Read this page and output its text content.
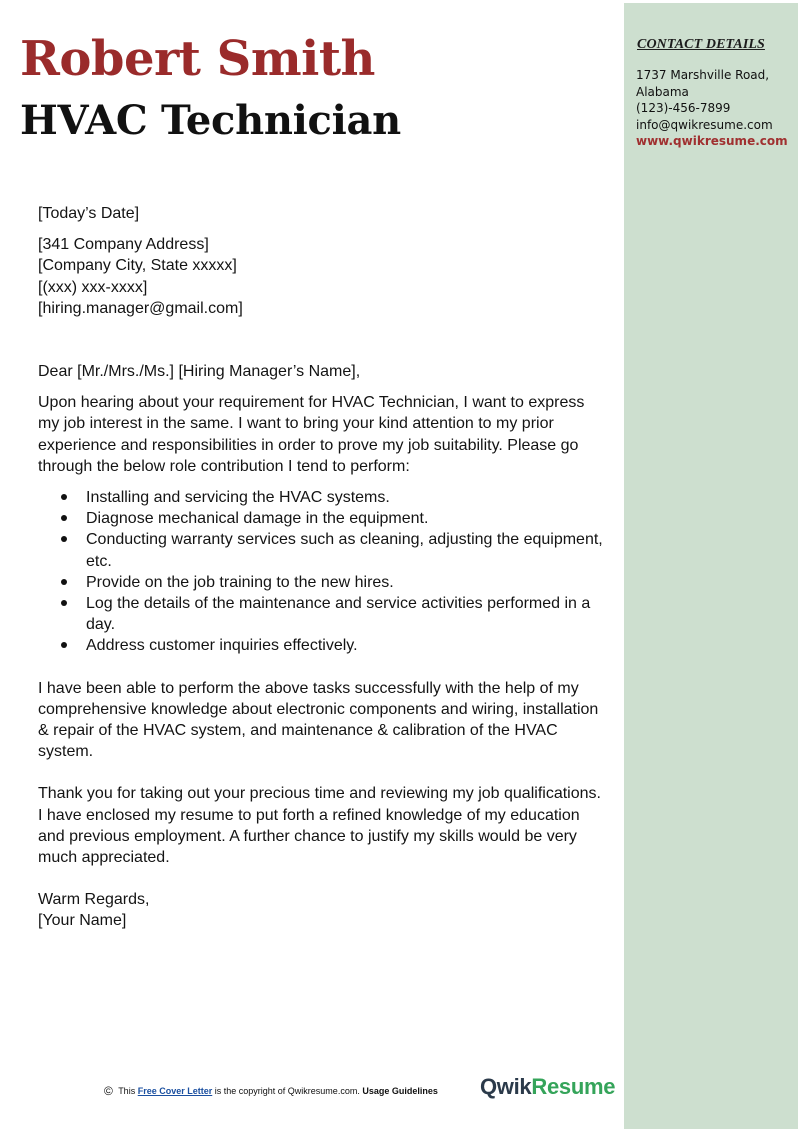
Robert Smith
HVAC Technician
CONTACT DETAILS
1737 Marshville Road,
Alabama
(123)-456-7899
info@qwikresume.com
www.qwikresume.com

[Today’s Date]

[341 Company Address]

[Company City, State xxxxx]

[(xxx) xxx-xxxx]

[hiring.manager@gmail.com]

Dear [Mr./Mrs./Ms.] [Hiring Manager’s Name],

Upon hearing about your requirement for HVAC Technician, I want to express my job interest in the same. I want to bring your kind attention to my prior experience and responsibilities in order to prove my job suitability. Please go through the below role contribution I tend to perform:

Installing and servicing the HVAC systems.
Diagnose mechanical damage in the equipment.
Conducting warranty services such as cleaning, adjusting the equipment, etc.
Provide on the job training to the new hires.
Log the details of the maintenance and service activities performed in a day.
Address customer inquiries effectively.

I have been able to perform the above tasks successfully with the help of my comprehensive knowledge about electronic components and wiring, installation & repair of the HVAC system, and maintenance & calibration of the HVAC system.

Thank you for taking out your precious time and reviewing my job qualifications. I have enclosed my resume to put forth a refined knowledge of my education and previous employment. A further chance to justify my skills would be very much appreciated.

Warm Regards,

[Your Name]

© This Free Cover Letter is the copyright of Qwikresume.com. Usage Guidelines QwikResume
